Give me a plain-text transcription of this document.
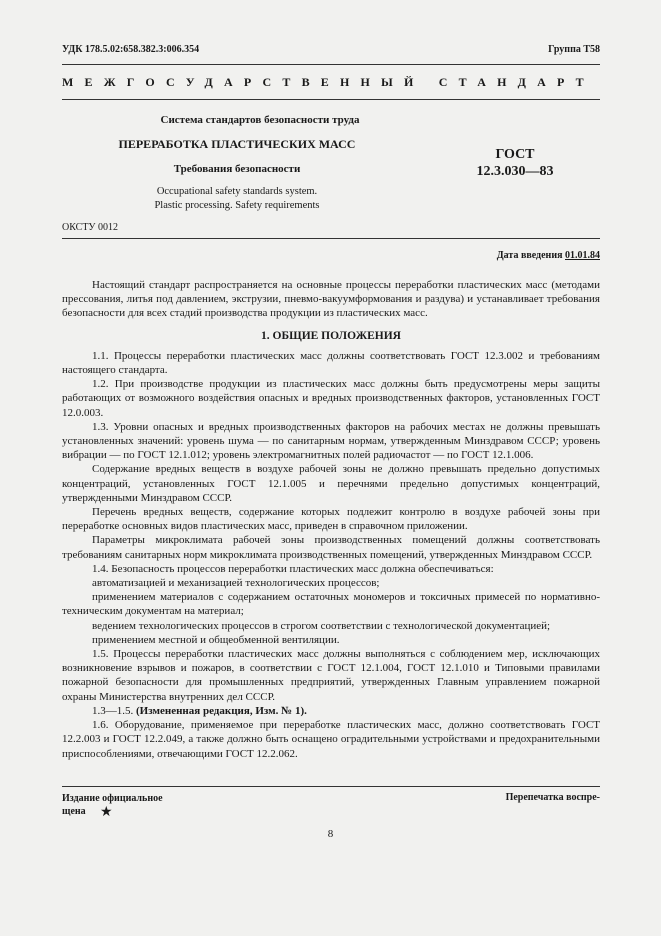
УДК 178.5.02:658.382.3:006.354	Группа Т58
МЕЖГОСУДАРСТВЕННЫЙ СТАНДАРТ
Система стандартов безопасности труда
ПЕРЕРАБОТКА ПЛАСТИЧЕСКИХ МАСС
Требования безопасности
Occupational safety standards system.
Plastic processing. Safety requirements
ГОСТ
12.3.030—83
ОКСТУ 0012
Дата введения 01.01.84

Настоящий стандарт распространяется на основные процессы переработки пластических масс (методами прессования, литья под давлением, экструзии, пневмо-вакуумформования и раздува) и устанавливает требования безопасности для всех стадий производства продукции из пластических масс.

1. ОБЩИЕ ПОЛОЖЕНИЯ

1.1. Процессы переработки пластических масс должны соответствовать ГОСТ 12.3.002 и требованиям настоящего стандарта.

1.2. При производстве продукции из пластических масс должны быть предусмотрены меры защиты работающих от возможного воздействия опасных и вредных производственных факторов, установленных ГОСТ 12.0.003.

1.3. Уровни опасных и вредных производственных факторов на рабочих местах не должны превышать установленных значений: уровень шума — по санитарным нормам, утвержденным Минздравом СССР; уровень вибрации — по ГОСТ 12.1.012; уровень электромагнитных полей радиочастот — по ГОСТ 12.1.006.

Содержание вредных веществ в воздухе рабочей зоны не должно превышать предельно допустимых концентраций, установленных ГОСТ 12.1.005 и перечнями предельно допустимых концентраций, утвержденными Минздравом СССР.

Перечень вредных веществ, содержание которых подлежит контролю в воздухе рабочей зоны при переработке основных видов пластических масс, приведен в справочном приложении.

Параметры микроклимата рабочей зоны производственных помещений должны соответствовать требованиям санитарных норм микроклимата производственных помещений, утвержденных Минздравом СССР.

1.4. Безопасность процессов переработки пластических масс должна обеспечиваться:

автоматизацией и механизацией технологических процессов;

применением материалов с содержанием остаточных мономеров и токсичных примесей по нормативно-техническим документам на материал;

ведением технологических процессов в строгом соответствии с технологической документацией;

применением местной и общеобменной вентиляции.

1.5. Процессы переработки пластических масс должны выполняться с соблюдением мер, исключающих возникновение взрывов и пожаров, в соответствии с ГОСТ 12.1.004, ГОСТ 12.1.010 и Типовыми правилами пожарной безопасности для промышленных предприятий, утвержденных Главным управлением пожарной охраны Министерства внутренних дел СССР.

1.3—1.5. (Измененная редакция, Изм. № 1).

1.6. Оборудование, применяемое при переработке пластических масс, должно соответствовать ГОСТ 12.2.003 и ГОСТ 12.2.049, а также должно быть оснащено оградительными устройствами и предохранительными приспособлениями, отвечающими ГОСТ 12.2.062.

Издание официальное
щена	★
Перепечатка воспре-
8
